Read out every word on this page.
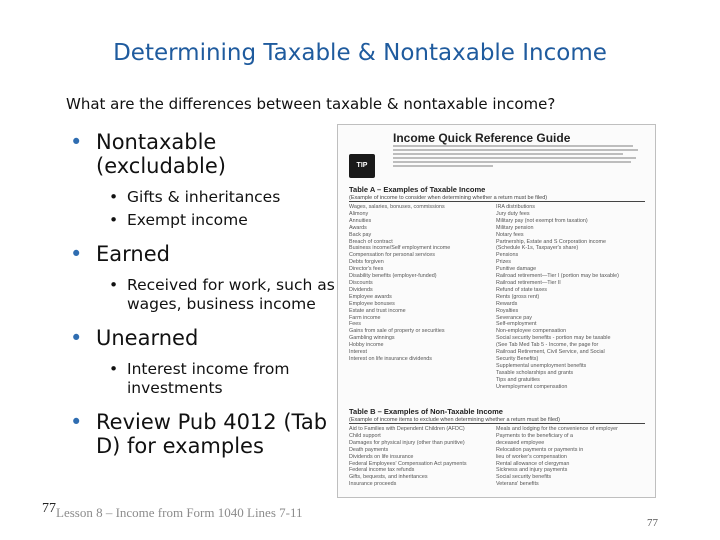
Determining Taxable & Nontaxable Income
What are the differences between taxable & nontaxable income?
• Nontaxable (excludable)
• Gifts & inheritances
• Exempt income
• Earned
• Received for work, such as wages, business income
• Unearned
• Interest income from investments
• Review Pub 4012 (Tab D) for examples
Income Quick Reference Guide
TIP
Table A – Examples of Taxable Income
(Example of income to consider when determining whether a return must be filed)
Wages, salaries, bonuses, commissions
Alimony
Annuities
Awards
Back pay
Breach of contract
Business income/Self employment income
Compensation for personal services
Debts forgiven
Director's fees
Disability benefits (employer-funded)
Discounts
Dividends
Employee awards
Employee bonuses
Estate and trust income
Farm income
Fees
Gains from sale of property or securities
Gambling winnings
Hobby income
Interest
Interest on life insurance dividends
IRA distributions
Jury duty fees
Military pay (not exempt from taxation)
Military pension
Notary fees
Partnership, Estate and S Corporation income
(Schedule K-1s, Taxpayer's share)
Pensions
Prizes
Punitive damage
Railroad retirement—Tier I (portion may be taxable)
Railroad retirement—Tier II
Refund of state taxes
Rents (gross rent)
Rewards
Royalties
Severance pay
Self-employment
Non-employee compensation
Social security benefits - portion may be taxable
(See Tab Med Tab 5 - Income, the page for
Railroad Retirement, Civil Service, and Social
Security Benefits)
Supplemental unemployment benefits
Taxable scholarships and grants
Tips and gratuities
Unemployment compensation
Table B – Examples of Non-Taxable Income
(Example of income items to exclude when determining whether a return must be filed)
Aid to Families with Dependent Children (AFDC)
Child support
Damages for physical injury (other than punitive)
Death payments
Dividends on life insurance
Federal Employees' Compensation Act payments
Federal income tax refunds
Gifts, bequests, and inheritances
Insurance proceeds
Meals and lodging for the convenience of employer
Payments to the beneficiary of a
deceased employee
Relocation payments or payments in
lieu of worker's compensation
Rental allowance of clergyman
Sickness and injury payments
Social security benefits
Veterans' benefits
77Lesson 8 – Income from Form 1040 Lines 7-11
77
